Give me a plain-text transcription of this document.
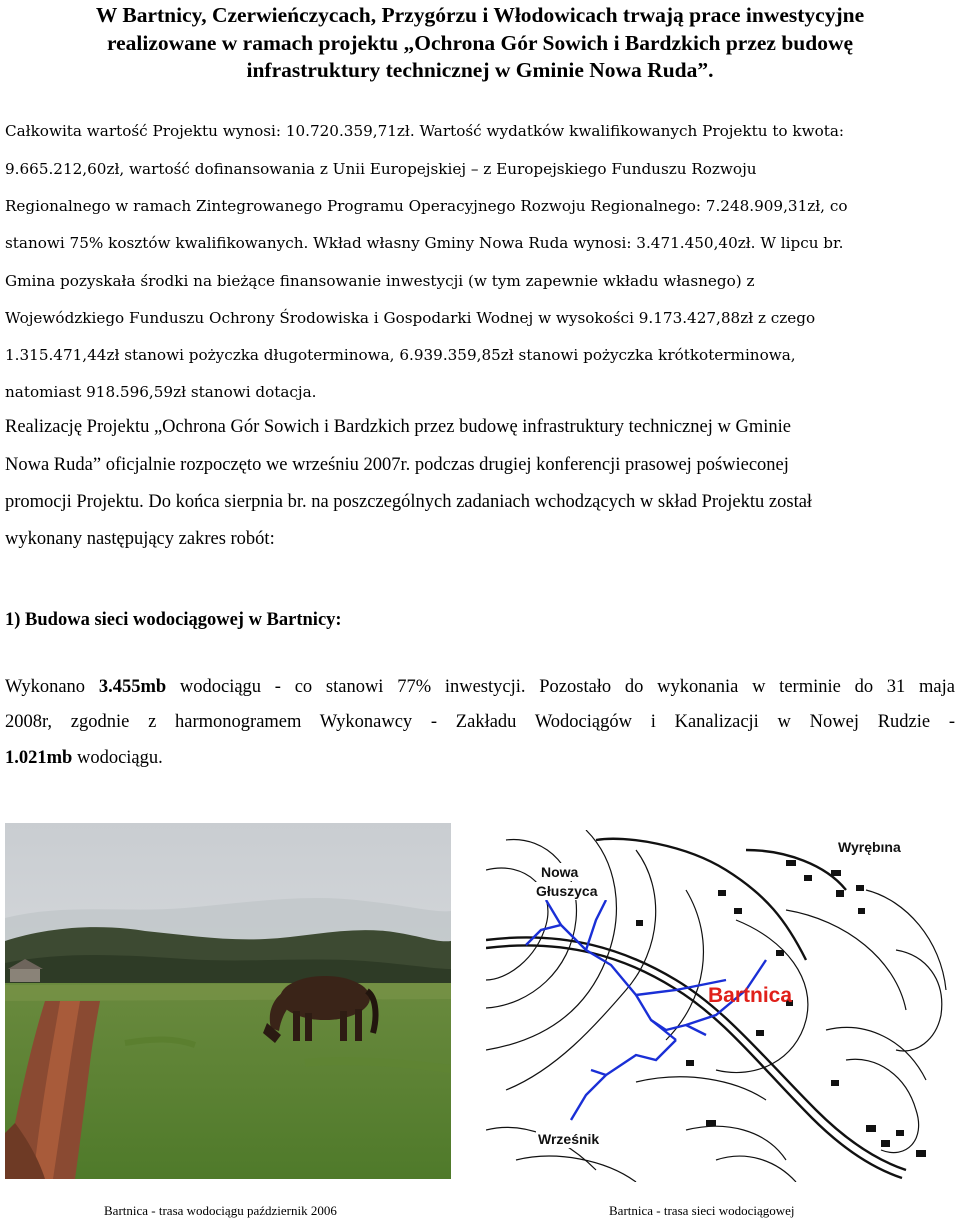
W Bartnicy, Czerwieńczycach, Przygórzu i Włodowicach trwają prace inwestycyjne
realizowane w ramach projektu „Ochrona Gór Sowich i Bardzkich przez budowę
infrastruktury technicznej w Gminie Nowa Ruda”.
Całkowita wartość Projektu wynosi: 10.720.359,71zł. Wartość wydatków kwalifikowanych Projektu to kwota:
9.665.212,60zł, wartość dofinansowania z Unii Europejskiej – z Europejskiego Funduszu Rozwoju
Regionalnego w ramach Zintegrowanego Programu Operacyjnego Rozwoju Regionalnego: 7.248.909,31zł, co
stanowi 75% kosztów kwalifikowanych. Wkład własny Gminy Nowa Ruda wynosi: 3.471.450,40zł. W lipcu br.
Gmina pozyskała środki na bieżące finansowanie inwestycji (w tym zapewnie wkładu własnego) z
Wojewódzkiego Funduszu Ochrony Środowiska i Gospodarki Wodnej w wysokości 9.173.427,88zł z czego
1.315.471,44zł stanowi pożyczka długoterminowa, 6.939.359,85zł stanowi pożyczka krótkoterminowa,
natomiast 918.596,59zł stanowi dotacja.
Realizację Projektu „Ochrona Gór Sowich i Bardzkich przez budowę infrastruktury technicznej w Gminie
Nowa Ruda” oficjalnie rozpoczęto we wrześniu 2007r. podczas drugiej konferencji prasowej poświeconej
promocji Projektu. Do końca sierpnia br. na poszczególnych zadaniach wchodzących w skład Projektu został
wykonany następujący zakres robót:
1) Budowa sieci wodociągowej w Bartnicy:
Wykonano 3.455mb wodociągu - co stanowi 77% inwestycji. Pozostało do wykonania w terminie do 31 maja
2008r, zgodnie z harmonogramem Wykonawcy - Zakładu Wodociągów i Kanalizacji w Nowej Rudzie -
1.021mb wodociągu.
Nowa
Głuszyca
Wyrębına
Bartnica
Wrześnik
Bartnica - trasa wodociągu październik 2006	Bartnica - trasa sieci wodociągowej
